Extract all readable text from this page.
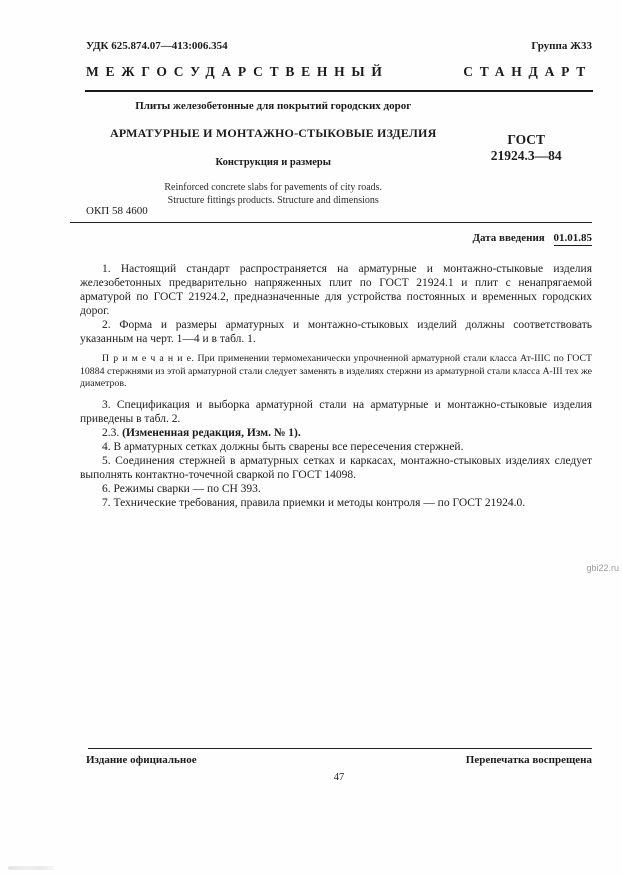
УДК 625.874.07—413:006.354	Группа Ж33
МЕЖГОСУДАРСТВЕННЫЙ	СТАНДАРТ

Плиты железобетонные для покрытий городских дорог

АРМАТУРНЫЕ И МОНТАЖНО-СТЫКОВЫЕ ИЗДЕЛИЯ

Конструкция и размеры

Reinforced concrete slabs for pavements of city roads.

Structure fittings products. Structure and dimensions

ГОСТ
21924.3—84
ОКП 58 4600
Дата введения 01.01.85

1. Настоящий стандарт распространяется на арматурные и монтажно-стыковые изделия железобетонных предварительно напряженных плит по ГОСТ 21924.1 и плит с ненапрягаемой арматурой по ГОСТ 21924.2, предназначенные для устройства постоянных и временных городских дорог.

2. Форма и размеры арматурных и монтажно-стыковых изделий должны соответствовать указанным на черт. 1—4 и в табл. 1.

П р и м е ч а н и е. При применении термомеханически упрочненной арматурной стали класса Ат-IIIС по ГОСТ 10884 стержнями из этой арматурной стали следует заменять в изделиях стержни из арматурной стали класса А-III тех же диаметров.

3. Спецификация и выборка арматурной стали на арматурные и монтажно-стыковые изделия приведены в табл. 2.

2.3. (Измененная редакция, Изм. № 1).

4. В арматурных сетках должны быть сварены все пересечения стержней.

5. Соединения стержней в арматурных сетках и каркасах, монтажно-стыковых изделиях следует выполнять контактно-точечной сваркой по ГОСТ 14098.

6. Режимы сварки — по СН 393.

7. Технические требования, правила приемки и методы контроля — по ГОСТ 21924.0.

gbi22.ru
Издание официальное	Перепечатка воспрещена
47
